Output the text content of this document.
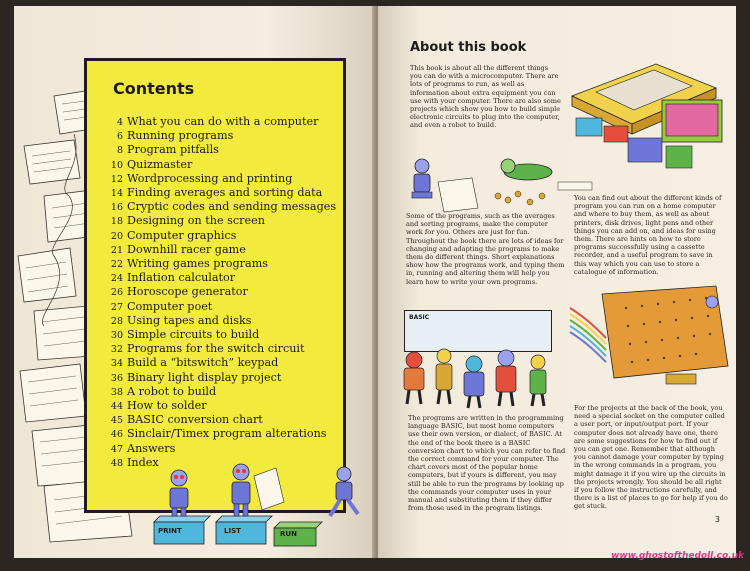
Contents
4 What you can do with a computer
6 Running programs
8 Program pitfalls
10 Quizmaster
12 Wordprocessing and printing
14 Finding averages and sorting data
16 Cryptic codes and sending messages
18 Designing on the screen
20 Computer graphics
21 Downhill racer game
22 Writing games programs
24 Inflation calculator
26 Horoscope generator
27 Computer poet
28 Using tapes and disks
30 Simple circuits to build
32 Programs for the switch circuit
34 Build a “bitswitch” keypad
36 Binary light display project
38 A robot to build
44 How to solder
45 BASIC conversion chart
46 Sinclair/Timex program alterations
47 Answers
48 Index
PRINT	LIST	RUN
About this book

This book is about all the different things you can do with a microcomputer. There are lots of programs to run, as well as information about extra equipment you can use with your computer. There are also some projects which show you how to build simple electronic circuits to plug into the computer, and even a robot to build.

Some of the programs, such as the averages and sorting programs, make the computer work for you. Others are just for fun. Throughout the book there are lots of ideas for changing and adapting the programs to make them do different things. Short explanations show how the programs work, and typing them in, running and altering them will help you learn how to write your own programs.

You can find out about the different kinds of program you can run on a home computer and where to buy them, as well as about printers, disk drives, light pens and other things you can add on, and ideas for using them. There are hints on how to store programs successfully using a cassette recorder, and a useful program to save in this way which you can use to store a catalogue of information.

BASIC

The programs are written in the programming language BASIC, but most home computers use their own version, or dialect, of BASIC. At the end of the book there is a BASIC conversion chart to which you can refer to find the correct command for your computer. The chart covers most of the popular home computers, but if yours is different, you may still be able to run the programs by looking up the commands your computer uses in your manual and substituting them if they differ from those used in the program listings.

For the projects at the back of the book, you need a special socket on the computer called a user port, or input/output port. If your computer does not already have one, there are some suggestions for how to find out if you can get one. Remember that although you cannot damage your computer by typing in the wrong commands in a program, you might damage it if you wire up the circuits in the projects wrongly. You should be all right if you follow the instructions carefully, and there is a list of places to go for help if you do get stuck.

3
www.ghostofthedoll.co.uk
